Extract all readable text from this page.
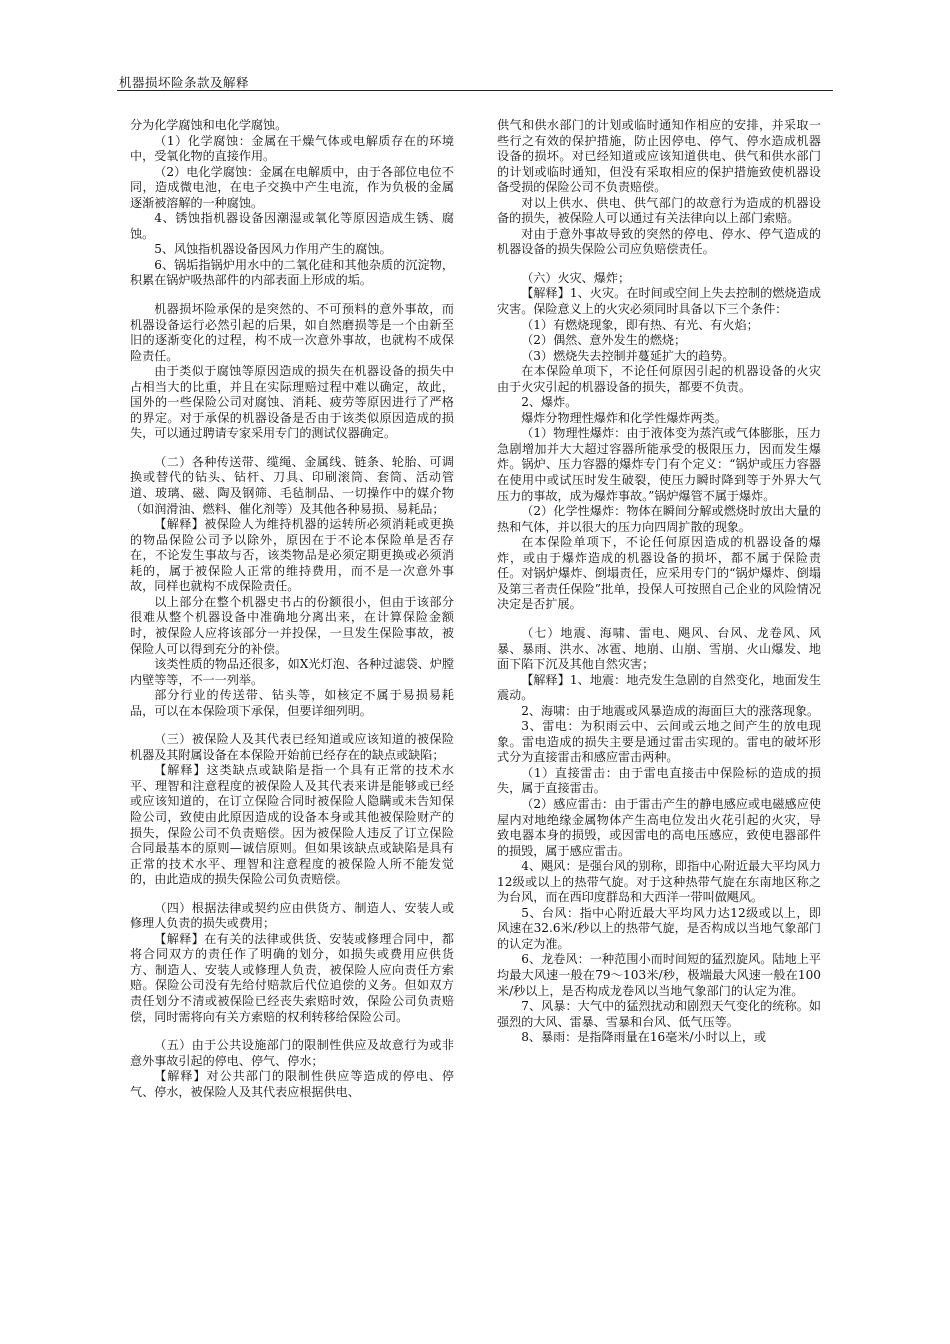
机器损坏险条款及解释

分为化学腐蚀和电化学腐蚀。

（1）化学腐蚀：金属在干燥气体或电解质存在的环境中，受氧化物的直接作用。

（2）电化学腐蚀：金属在电解质中，由于各部位电位不同，造成微电池，在电子交换中产生电流，作为负极的金属逐渐被溶解的一种腐蚀。

4、锈蚀指机器设备因潮湿或氧化等原因造成生锈、腐蚀。

5、风蚀指机器设备因风力作用产生的腐蚀。

6、锅垢指锅炉用水中的二氧化硅和其他杂质的沉淀物，积累在锅炉吸热部件的内部表面上形成的垢。

机器损坏险承保的是突然的、不可预料的意外事故，而机器设备运行必然引起的后果，如自然磨损等是一个由新至旧的逐渐变化的过程，构不成一次意外事故，也就构不成保险责任。

由于类似于腐蚀等原因造成的损失在机器设备的损失中占相当大的比重，并且在实际理赔过程中难以确定，故此，国外的一些保险公司对腐蚀、消耗、疲劳等原因进行了严格的界定。对于承保的机器设备是否由于该类似原因造成的损失，可以通过聘请专家采用专门的测试仪器确定。

（二）各种传送带、缆绳、金属线、链条、轮胎、可调换或替代的钻头、钻杆、刀具、印刷滚筒、套筒、活动管道、玻璃、磁、陶及钢筛、毛毡制品、一切操作中的媒介物（如润滑油、燃料、催化剂等）及其他各种易损、易耗品；

【解释】被保险人为维持机器的运转所必须消耗或更换的物品保险公司予以除外，原因在于不论本保险单是否存在，不论发生事故与否，该类物品是必须定期更换或必须消耗的，属于被保险人正常的维持费用，而不是一次意外事故，同样也就构不成保险责任。

以上部分在整个机器史书占的份额很小，但由于该部分很难从整个机器设备中准确地分离出来，在计算保险金额时，被保险人应将该部分一并投保，一旦发生保险事故，被保险人可以得到充分的补偿。

该类性质的物品还很多，如X光灯泡、各种过滤袋、炉膛内壁等等，不一一列举。

部分行业的传送带、钻头等，如核定不属于易损易耗品，可以在本保险项下承保，但要详细列明。

（三）被保险人及其代表已经知道或应该知道的被保险机器及其附属设备在本保险开始前已经存在的缺点或缺陷；

【解释】这类缺点或缺陷是指一个具有正常的技术水平、理智和注意程度的被保险人及其代表来讲是能够或已经或应该知道的，在订立保险合同时被保险人隐瞒或未告知保险公司，致使由此原因造成的设备本身或其他被保险财产的损失，保险公司不负责赔偿。因为被保险人违反了订立保险合同最基本的原则—诚信原则。但如果该缺点或缺陷是具有正常的技术水平、理智和注意程度的被保险人所不能发觉的，由此造成的损失保险公司负责赔偿。

（四）根据法律或契约应由供货方、制造人、安装人或修理人负责的损失或费用；

【解释】在有关的法律或供货、安装或修理合同中，都将合同双方的责任作了明确的划分，如损失或费用应供货方、制造人、安装人或修理人负责，被保险人应向责任方索赔。保险公司没有先给付赔款后代位追偿的义务。但如双方责任划分不清或被保险已经丧失索赔时效，保险公司负责赔偿，同时需将向有关方索赔的权利转移给保险公司。

（五）由于公共设施部门的限制性供应及故意行为或非意外事故引起的停电、停气、停水；

【解释】对公共部门的限制性供应等造成的停电、停气、停水，被保险人及其代表应根据供电、

供气和供水部门的计划或临时通知作相应的安排，并采取一些行之有效的保护措施，防止因停电、停气、停水造成机器设备的损坏。对已经知道或应该知道供电、供气和供水部门的计划或临时通知，但没有采取相应的保护措施致使机器设备受损的保险公司不负责赔偿。

对以上供水、供电、供气部门的故意行为造成的机器设备的损失，被保险人可以通过有关法律向以上部门索赔。

对由于意外事故导致的突然的停电、停水、停气造成的机器设备的损失保险公司应负赔偿责任。

（六）火灾、爆炸；

【解释】1、火灾。在时间或空间上失去控制的燃烧造成灾害。保险意义上的火灾必须同时具备以下三个条件：

（1）有燃烧现象，即有热、有光、有火焰；

（2）偶然、意外发生的燃烧；

（3）燃烧失去控制并蔓延扩大的趋势。

在本保险单项下，不论任何原因引起的机器设备的火灾由于火灾引起的机器设备的损失，都要不负责。

2、爆炸。

爆炸分物理性爆炸和化学性爆炸两类。

（1）物理性爆炸：由于液体变为蒸汽或气体膨胀，压力急剧增加并大大超过容器所能承受的极限压力，因而发生爆炸。锅炉、压力容器的爆炸专门有个定义：“锅炉或压力容器在使用中或试压时发生破裂，使压力瞬时降到等于外界大气压力的事故，成为爆炸事故。”锅炉爆管不属于爆炸。

（2）化学性爆炸：物体在瞬间分解或燃烧时放出大量的热和气体，并以很大的压力向四周扩散的现象。

在本保险单项下，不论任何原因造成的机器设备的爆炸，或由于爆炸造成的机器设备的损坏，都不属于保险责任。对锅炉爆炸、倒塌责任，应采用专门的“锅炉爆炸、倒塌及第三者责任保险”批单，投保人可按照自己企业的风险情况决定是否扩展。

（七）地震、海啸、雷电、飓风、台风、龙卷风、风暴、暴雨、洪水、冰雹、地崩、山崩、雪崩、火山爆发、地面下陷下沉及其他自然灾害；

【解释】1、地震：地壳发生急剧的自然变化，地面发生震动。

2、海啸：由于地震或风暴造成的海面巨大的涨落现象。

3、雷电：为积雨云中、云间或云地之间产生的放电现象。雷电造成的损失主要是通过雷击实现的。雷电的破坏形式分为直接雷击和感应雷击两种。

（1）直接雷击：由于雷电直接击中保险标的造成的损失，属于直接雷击。

（2）感应雷击：由于雷击产生的静电感应或电磁感应使屋内对地绝缘金属物体产生高电位发出火花引起的火灾，导致电器本身的损毁，或因雷电的高电压感应，致使电器部件的损毁，属于感应雷击。

4、飓风：是强台风的别称，即指中心附近最大平均风力12级或以上的热带气旋。对于这种热带气旋在东南地区称之为台风，而在西印度群岛和大西洋一带叫做飓风。

5、台风：指中心附近最大平均风力达12级或以上，即风速在32.6米/秒以上的热带气旋，是否构成以当地气象部门的认定为准。

6、龙卷风：一种范围小而时间短的猛烈旋风。陆地上平均最大风速一般在79～103米/秒，极端最大风速一般在100米/秒以上，是否构成龙卷风以当地气象部门的认定为准。

7、风暴：大气中的猛烈扰动和剧烈天气变化的统称。如强烈的大风、雷暴、雪暴和台风、低气压等。

8、暴雨：是指降雨量在16毫米/小时以上，或
